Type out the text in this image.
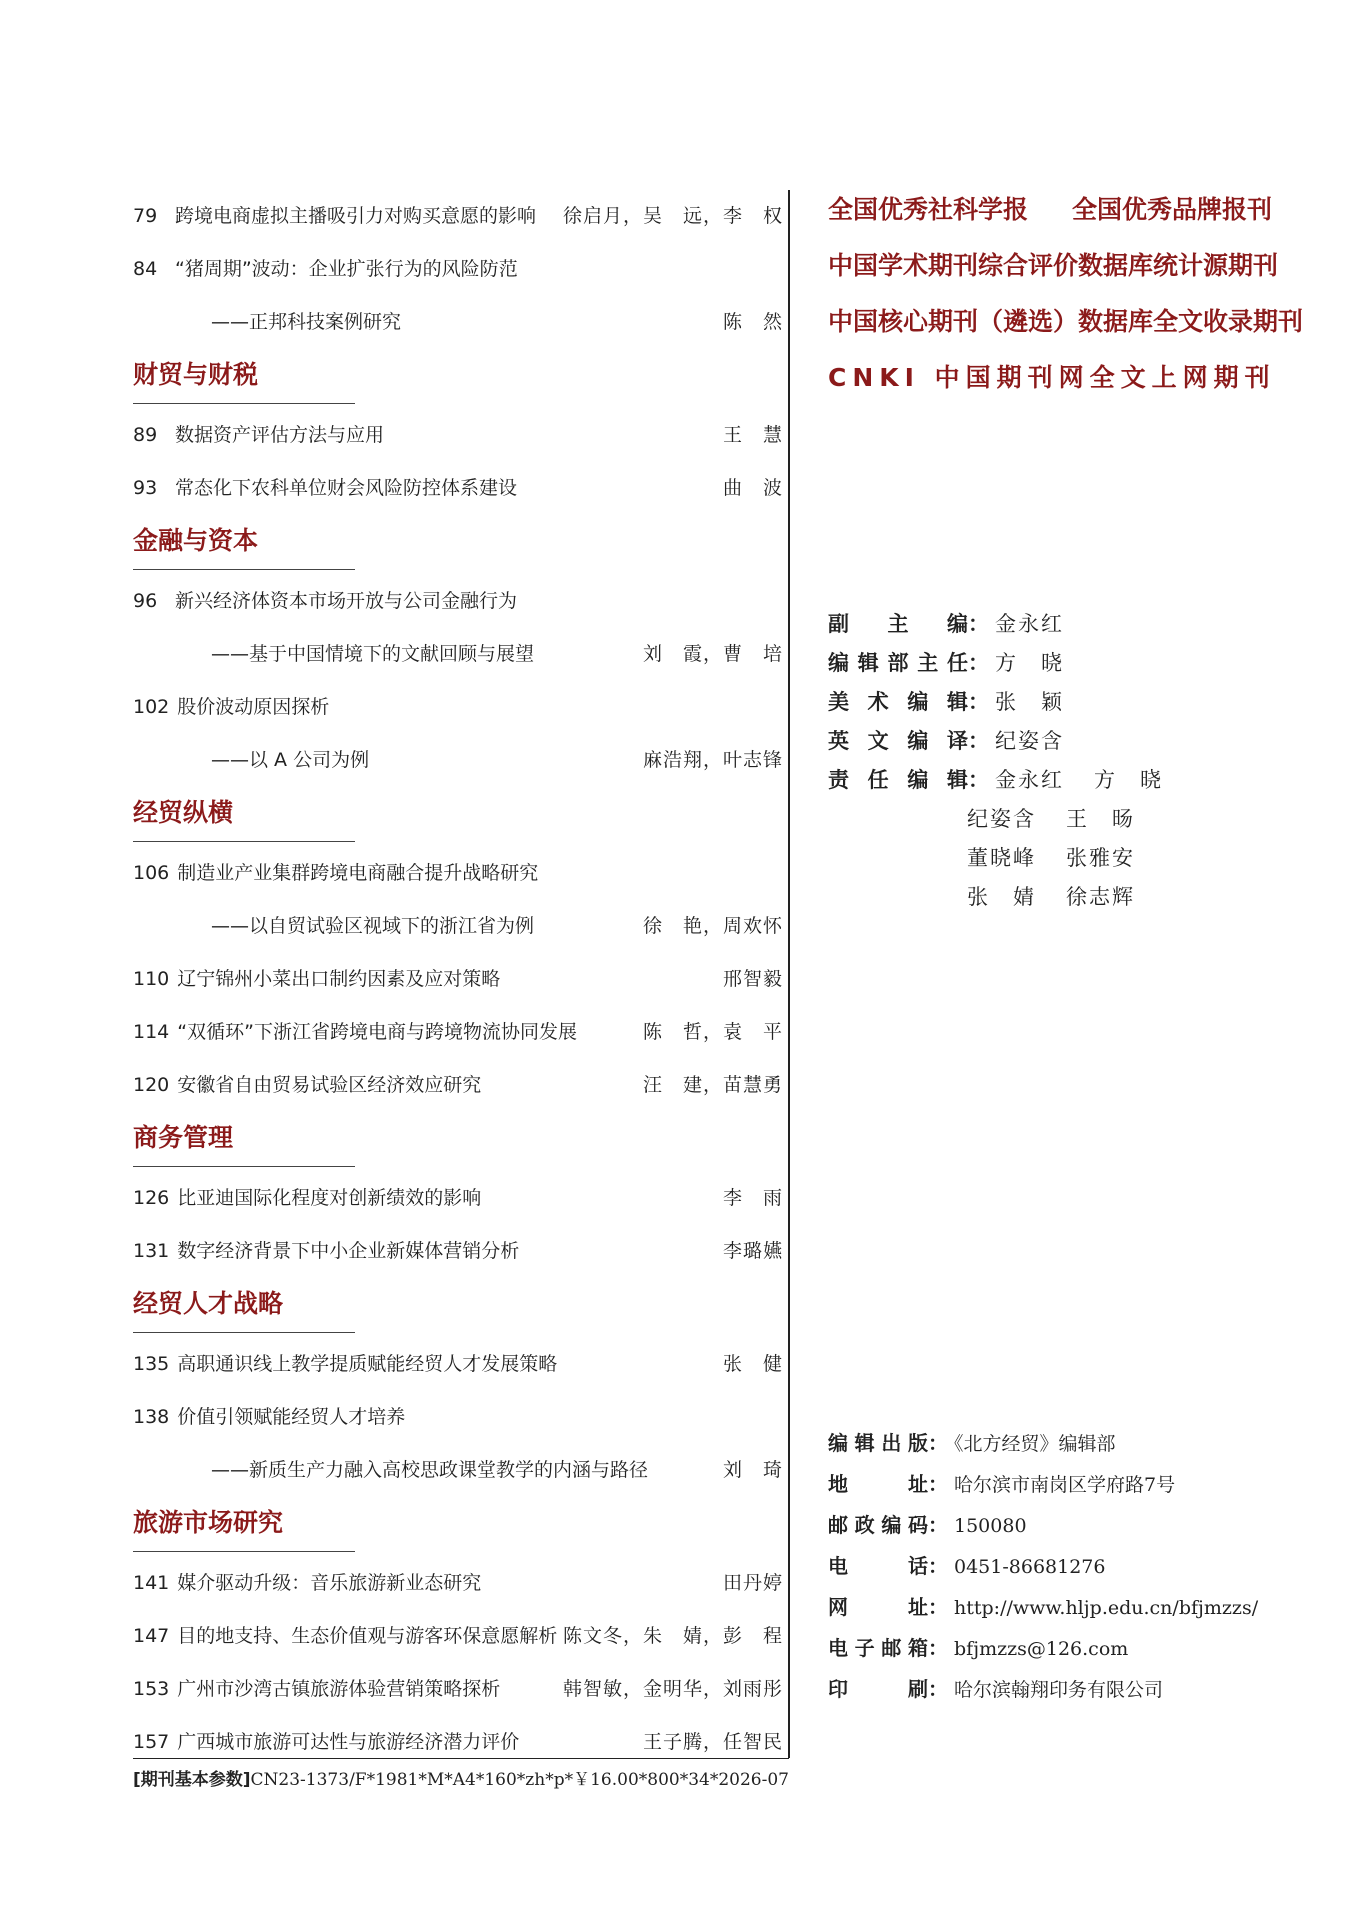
79 跨境电商虚拟主播吸引力对购买意愿的影响 徐启月，吴　远，李　权
84 “猪周期”波动：企业扩张行为的风险防范
——正邦科技案例研究	陈　然
财贸与财税
89 数据资产评估方法与应用	王　慧
93 常态化下农科单位财会风险防控体系建设	曲　波
金融与资本
96 新兴经济体资本市场开放与公司金融行为
——基于中国情境下的文献回顾与展望	刘　霞，曹　培
102 股价波动原因探析
——以 A 公司为例	麻浩翔，叶志锋
经贸纵横
106 制造业产业集群跨境电商融合提升战略研究
——以自贸试验区视域下的浙江省为例	徐　艳，周欢怀
110 辽宁锦州小菜出口制约因素及应对策略	邢智毅
114 “双循环”下浙江省跨境电商与跨境物流协同发展	陈　哲，袁　平
120 安徽省自由贸易试验区经济效应研究	汪　建，苗慧勇
商务管理
126 比亚迪国际化程度对创新绩效的影响	李　雨
131 数字经济背景下中小企业新媒体营销分析	李璐嬿
经贸人才战略
135 高职通识线上教学提质赋能经贸人才发展策略	张　健
138 价值引领赋能经贸人才培养
——新质生产力融入高校思政课堂教学的内涵与路径	刘　琦
旅游市场研究
141 媒介驱动升级：音乐旅游新业态研究	田丹婷
147 目的地支持、生态价值观与游客环保意愿解析 陈文冬，朱　婧，彭　程
153 广州市沙湾古镇旅游体验营销策略探析	韩智敏，金明华，刘雨彤
157 广西城市旅游可达性与旅游经济潜力评价	王子腾，任智民
[期刊基本参数]CN23-1373/F*1981*M*A4*160*zh*p*￥16.00*800*34*2026-07
全国优秀社科学报 全国优秀品牌报刊
中国学术期刊综合评价数据库统计源期刊
中国核心期刊（遴选）数据库全文收录期刊
CNKI 中国期刊网全文上网期刊
副主编： 金永红
编辑部主任： 方　晓
美术编辑： 张　颖
英文编译： 纪姿含
责任编辑： 金永红 方　晓
纪姿含 王　旸
董晓峰 张雅安
张　婧 徐志辉
编辑出版： 《北方经贸》编辑部
地址： 哈尔滨市南岗区学府路7号
邮政编码： 150080
电话： 0451-86681276
网址： http://www.hljp.edu.cn/bfjmzzs/
电子邮箱： bfjmzzs@126.com
印刷： 哈尔滨翰翔印务有限公司
